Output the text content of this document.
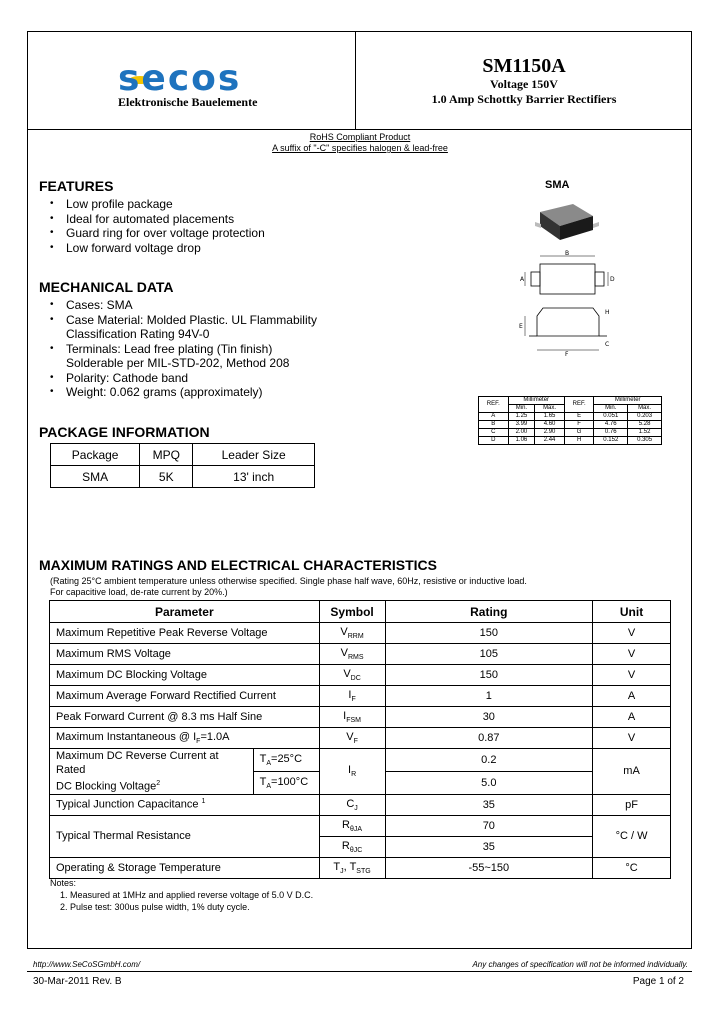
secos
Elektronische Bauelemente
SM1150A
Voltage 150V
1.0 Amp Schottky Barrier Rectifiers
RoHS Compliant Product
A suffix of "-C" specifies halogen & lead-free
FEATURES
• Low profile package
• Ideal for automated placements
• Guard ring for over voltage protection
• Low forward voltage drop
MECHANICAL DATA
• Cases: SMA
• Case Material: Molded Plastic. UL Flammability
Classification Rating 94V-0
• Terminals: Lead free plating (Tin finish)
Solderable per MIL-STD-202, Method 208
• Polarity: Cathode band
• Weight: 0.062 grams (approximately)
PACKAGE INFORMATION
Package	MPQ	Leader Size
SMA	5K	13' inch
SMA
B
A	D
E
F
H
C
REF.	Millimeter		REF.	Millimeter	
	Min.	Max.		Min.	Max.
A	1.25	1.65	E	0.051	0.203
B	3.99	4.60	F	4.76	5.28
C	2.00	2.90	G	0.76	1.52
D	1.06	2.44	H	0.152	0.305
MAXIMUM RATINGS AND ELECTRICAL CHARACTERISTICS
(Rating 25°C ambient temperature unless otherwise specified. Single phase half wave, 60Hz, resistive or inductive load.
For capacitive load, de-rate current by 20%.)
Parameter		Symbol	Rating	Unit
Maximum Repetitive Peak Reverse Voltage		$V_{RRM}$	150	V
Maximum RMS Voltage		$V_{RMS}$	105	V
Maximum DC Blocking Voltage		$V_{DC}$	150	V
Maximum Average Forward Rectified Current		$I_F$	1	A
Peak Forward Current @ 8.3 ms Half Sine		$I_{FSM}$	30	A
Maximum Instantaneous @ $I_F=1.0A$		$V_F$	0.87	V
Maximum DC Reverse Current at Rated
DC Blocking Voltage$^2$	$T_A=25^\circ C$	$I_R$	0.2	mA
	$T_A=100^\circ C$		5.0	
Typical Junction Capacitance $^1$		$C_J$	35	pF
Typical Thermal Resistance		$R_{\theta JA}$	70	°C / W
		$R_{\theta JC}$	35	
Operating & Storage Temperature		$T_J$, $T_{STG}$	-55~150	°C
Notes:
1. Measured at 1MHz and applied reverse voltage of 5.0 V D.C.
2. Pulse test: 300us pulse width, 1% duty cycle.
http://www.SeCoSGmbH.com/	Any changes of specification will not be informed individually.
30-Mar-2011 Rev. B	Page 1 of 2
